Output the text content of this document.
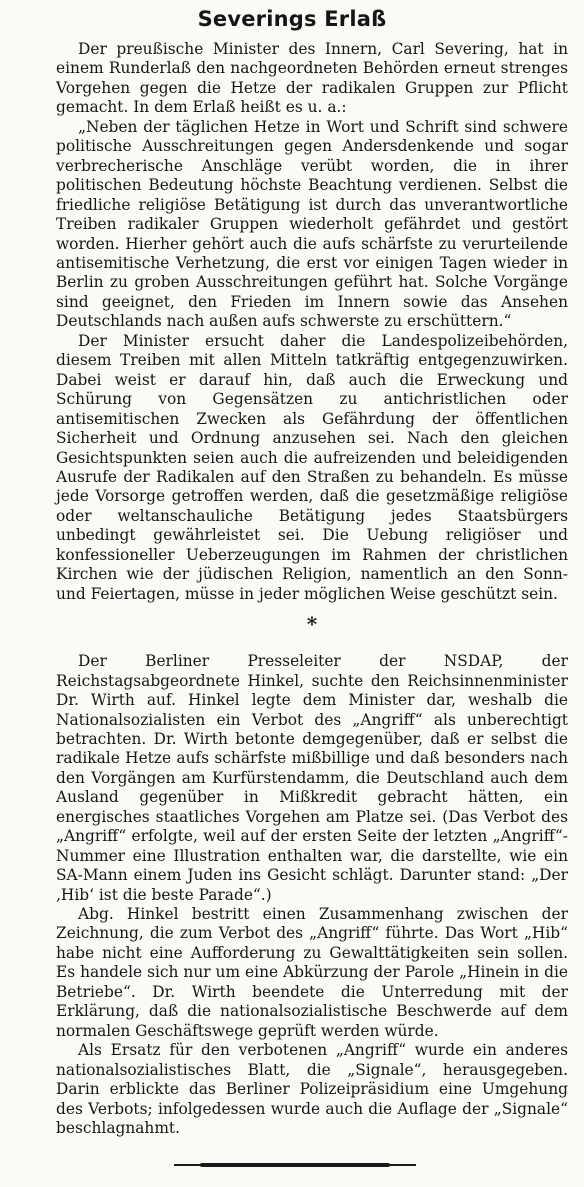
Severings Erlaß

Der preußische Minister des Innern, Carl Severing, hat in einem Runderlaß den nachgeordneten Behörden erneut strenges Vorgehen gegen die Hetze der radikalen Gruppen zur Pflicht gemacht. In dem Erlaß heißt es u. a.:

„Neben der täglichen Hetze in Wort und Schrift sind schwere politische Ausschreitungen gegen Andersdenkende und sogar verbrecherische Anschläge verübt worden, die in ihrer politischen Bedeutung höchste Beachtung verdienen. Selbst die friedliche religiöse Betätigung ist durch das unverantwortliche Treiben radikaler Gruppen wiederholt gefährdet und gestört worden. Hierher gehört auch die aufs schärfste zu verurteilende antisemitische Verhetzung, die erst vor einigen Tagen wieder in Berlin zu groben Ausschreitungen geführt hat. Solche Vorgänge sind geeignet, den Frieden im Innern sowie das Ansehen Deutschlands nach außen aufs schwerste zu erschüttern.“

Der Minister ersucht daher die Landespolizeibehörden, diesem Treiben mit allen Mitteln tatkräftig entgegenzuwirken. Dabei weist er darauf hin, daß auch die Erweckung und Schürung von Gegensätzen zu antichristlichen oder antisemitischen Zwecken als Gefährdung der öffentlichen Sicherheit und Ordnung anzusehen sei. Nach den gleichen Gesichtspunkten seien auch die aufreizenden und beleidigenden Ausrufe der Radikalen auf den Straßen zu behandeln. Es müsse jede Vorsorge getroffen werden, daß die gesetzmäßige religiöse oder weltanschauliche Betätigung jedes Staatsbürgers unbedingt gewährleistet sei. Die Uebung religiöser und konfessioneller Ueberzeugungen im Rahmen der christlichen Kirchen wie der jüdischen Religion, namentlich an den Sonn- und Feiertagen, müsse in jeder möglichen Weise geschützt sein.

*

Der Berliner Presseleiter der NSDAP, der Reichstagsabgeordnete Hinkel, suchte den Reichsinnenminister Dr. Wirth auf. Hinkel legte dem Minister dar, weshalb die Nationalsozialisten ein Verbot des „Angriff“ als unberechtigt betrachten. Dr. Wirth betonte demgegenüber, daß er selbst die radikale Hetze aufs schärfste mißbillige und daß besonders nach den Vorgängen am Kurfürstendamm, die Deutschland auch dem Ausland gegenüber in Mißkredit gebracht hätten, ein energisches staatliches Vorgehen am Platze sei. (Das Verbot des „Angriff“ erfolgte, weil auf der ersten Seite der letzten „Angriff“-Nummer eine Illustration enthalten war, die darstellte, wie ein SA-Mann einem Juden ins Gesicht schlägt. Darunter stand: „Der ‚Hib‘ ist die beste Parade“.)

Abg. Hinkel bestritt einen Zusammenhang zwischen der Zeichnung, die zum Verbot des „Angriff“ führte. Das Wort „Hib“ habe nicht eine Aufforderung zu Gewalttätigkeiten sein sollen. Es handele sich nur um eine Abkürzung der Parole „Hinein in die Betriebe“. Dr. Wirth beendete die Unterredung mit der Erklärung, daß die nationalsozialistische Beschwerde auf dem normalen Geschäftswege geprüft werden würde.

Als Ersatz für den verbotenen „Angriff“ wurde ein anderes nationalsozialistisches Blatt, die „Signale“, herausgegeben. Darin erblickte das Berliner Polizeipräsidium eine Umgehung des Verbots; infolgedessen wurde auch die Auflage der „Signale“ beschlagnahmt.
